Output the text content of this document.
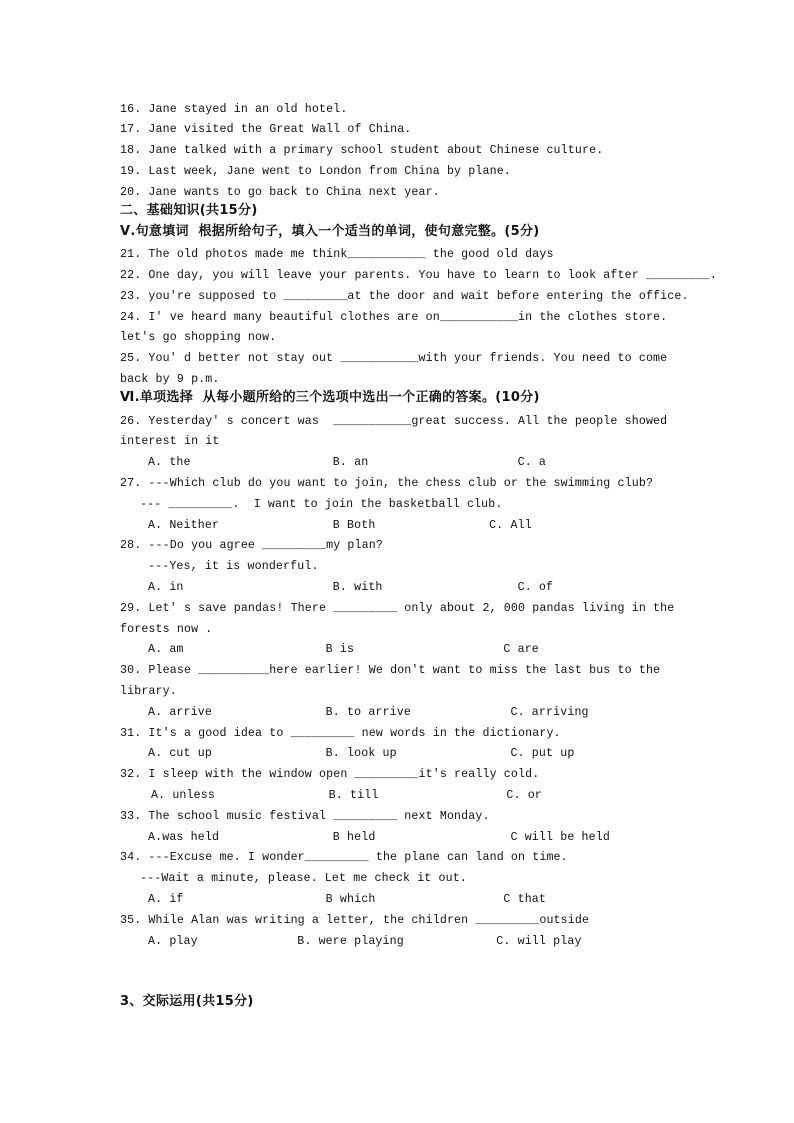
16. Jane stayed in an old hotel.
17. Jane visited the Great Wall of China.
18. Jane talked with a primary school student about Chinese culture.
19. Last week, Jane went to London from China by plane.
20. Jane wants to go back to China next year.
二、基础知识(共15分)
Ⅴ.句意填词  根据所给句子，填入一个适当的单词，使句意完整。(5分)
21. The old photos made me think___________ the good old days
22. One day, you will leave your parents. You have to learn to look after _________.
23. you're supposed to _________at the door and wait before entering the office.
24. I' ve heard many beautiful clothes are on___________in the clothes store.
let's go shopping now.
25. You' d better not stay out ___________with your friends. You need to come
back by 9 p.m.
Ⅵ.单项选择  从每小题所给的三个选项中选出一个正确的答案。(10分)
26. Yesterday' s concert was  ___________great success. All the people showed
interest in it
A. the                    B. an                     C. a
27. ---Which club do you want to join, the chess club or the swimming club?
--- _________.  I want to join the basketball club.
A. Neither                B Both                C. All
28. ---Do you agree _________my plan?
---Yes, it is wonderful.
A. in                     B. with                   C. of
29. Let' s save pandas! There _________ only about 2, 000 pandas living in the
forests now .
A. am                    B is                     C are
30. Please __________here earlier! We don't want to miss the last bus to the
library.
A. arrive                B. to arrive              C. arriving
31. It's a good idea to _________ new words in the dictionary.
A. cut up                B. look up                C. put up
32. I sleep with the window open _________it's really cold.
A. unless                B. till                  C. or
33. The school music festival _________ next Monday.
A.was held                B held                   C will be held
34. ---Excuse me. I wonder_________ the plane can land on time.
---Wait a minute, please. Let me check it out.
A. if                    B which                  C that
35. While Alan was writing a letter, the children _________outside
A. play              B. were playing             C. will play
3、交际运用(共15分)
